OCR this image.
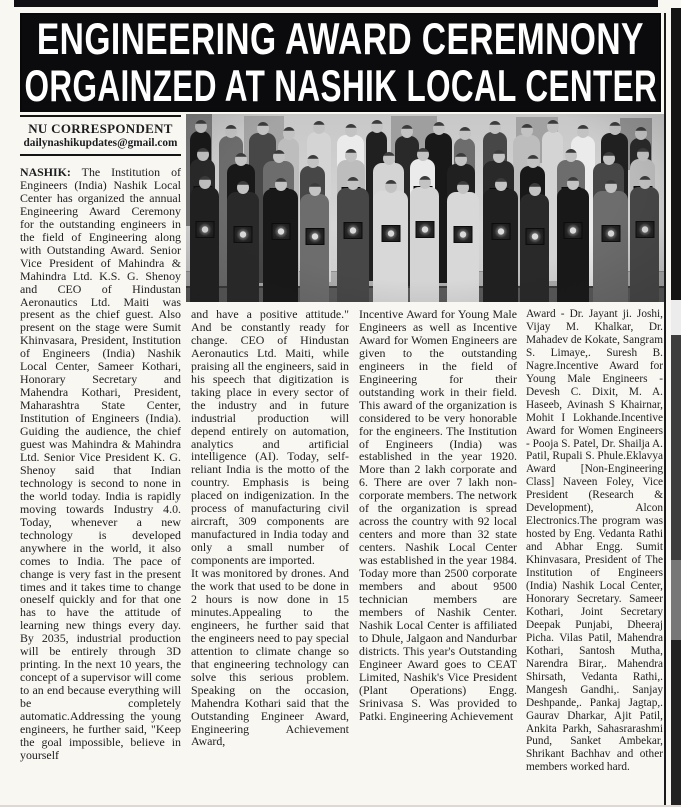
ENGINEERING AWARD CEREMNONY
ORGAINZED AT NASHIK LOCAL CENTER
NU CORRESPONDENT
dailynashikupdates@gmail.com

NASHIK: The Institution of Engineers (India) Nashik Local Center has organized the annual Engineering Award Ceremony for the outstanding engineers in the field of Engineering along with Outstanding Award. Senior Vice President of Mahindra & Mahindra Ltd. K.S. G. Shenoy and CEO of Hindustan Aeronautics Ltd. Maiti was present as the chief guest. Also present on the stage were Sumit Khinvasara, President, Institution of Engineers (India) Nashik Local Center, Sameer Kothari, Honorary Secretary and Mahendra Kothari, President, Maharashtra State Center, Institution of Engineers (India). Guiding the audience, the chief guest was Mahindra & Mahindra Ltd. Senior Vice President K. G. Shenoy said that Indian technology is second to none in the world today. India is rapidly moving towards Industry 4.0. Today, whenever a new technology is developed anywhere in the world, it also comes to India. The pace of change is very fast in the present times and it takes time to change oneself quickly and for that one has to have the attitude of learning new things every day. By 2035, industrial production will be entirely through 3D printing. In the next 10 years, the concept of a supervisor will come to an end because everything will be completely automatic.Addressing the young engineers, he further said, "Keep the goal impossible, believe in yourself

and have a positive attitude." And be constantly ready for change. CEO of Hindustan Aeronautics Ltd. Maiti, while praising all the engineers, said in his speech that digitization is taking place in every sector of the industry and in future industrial production will depend entirely on automation, analytics and artificial intelligence (AI). Today, self-reliant India is the motto of the country. Emphasis is being placed on indigenization. In the process of manufacturing civil aircraft, 309 components are manufactured in India today and only a small number of components are imported.

It was monitored by drones. And the work that used to be done in 2 hours is now done in 15 minutes.Appealing to the engineers, he further said that the engineers need to pay special attention to climate change so that engineering technology can solve this serious problem. Speaking on the occasion, Mahendra Kothari said that the Outstanding Engineer Award, Engineering Achievement Award,

Incentive Award for Young Male Engineers as well as Incentive Award for Women Engineers are given to the outstanding engineers in the field of Engineering for their outstanding work in their field. This award of the organization is considered to be very honorable for the engineers. The Institution of Engineers (India) was established in the year 1920. More than 2 lakh corporate and 6. There are over 7 lakh non-corporate members. The network of the organization is spread across the country with 92 local centers and more than 32 state centers. Nashik Local Center was established in the year 1984. Today more than 2500 corporate members and about 9500 technician members are members of Nashik Center. Nashik Local Center is affiliated to Dhule, Jalgaon and Nandurbar districts. This year's Outstanding Engineer Award goes to CEAT Limited, Nashik's Vice President (Plant Operations) Engg. Srinivasa S. Was provided to Patki. Engineering Achievement

Award - Dr. Jayant ji. Joshi, Vijay M. Khalkar, Dr. Mahadev de Kokate, Sangram S. Limaye,. Suresh B. Nagre.Incentive Award for Young Male Engineers - Devesh C. Dixit, M. A. Haseeb, Avinash S Khairnar, Mohit I Lokhande.Incentive Award for Women Engineers - Pooja S. Patel, Dr. Shailja A. Patil, Rupali S. Phule.Eklavya Award [Non-Engineering Class] Naveen Foley, Vice President (Research & Development), Alcon Electronics.The program was hosted by Eng. Vedanta Rathi and Abhar Engg. Sumit Khinvasara, President of The Institution of Engineers (India) Nashik Local Center, Honorary Secretary. Sameer Kothari, Joint Secretary Deepak Punjabi, Dheeraj Picha. Vilas Patil, Mahendra Kothari, Santosh Mutha, Narendra Birar,. Mahendra Shirsath, Vedanta Rathi,. Mangesh Gandhi,. Sanjay Deshpande,. Pankaj Jagtap,. Gaurav Dharkar, Ajit Patil, Ankita Parkh, Sahasrarashmi Pund, Sanket Ambekar, Shrikant Bachhav and other members worked hard.
